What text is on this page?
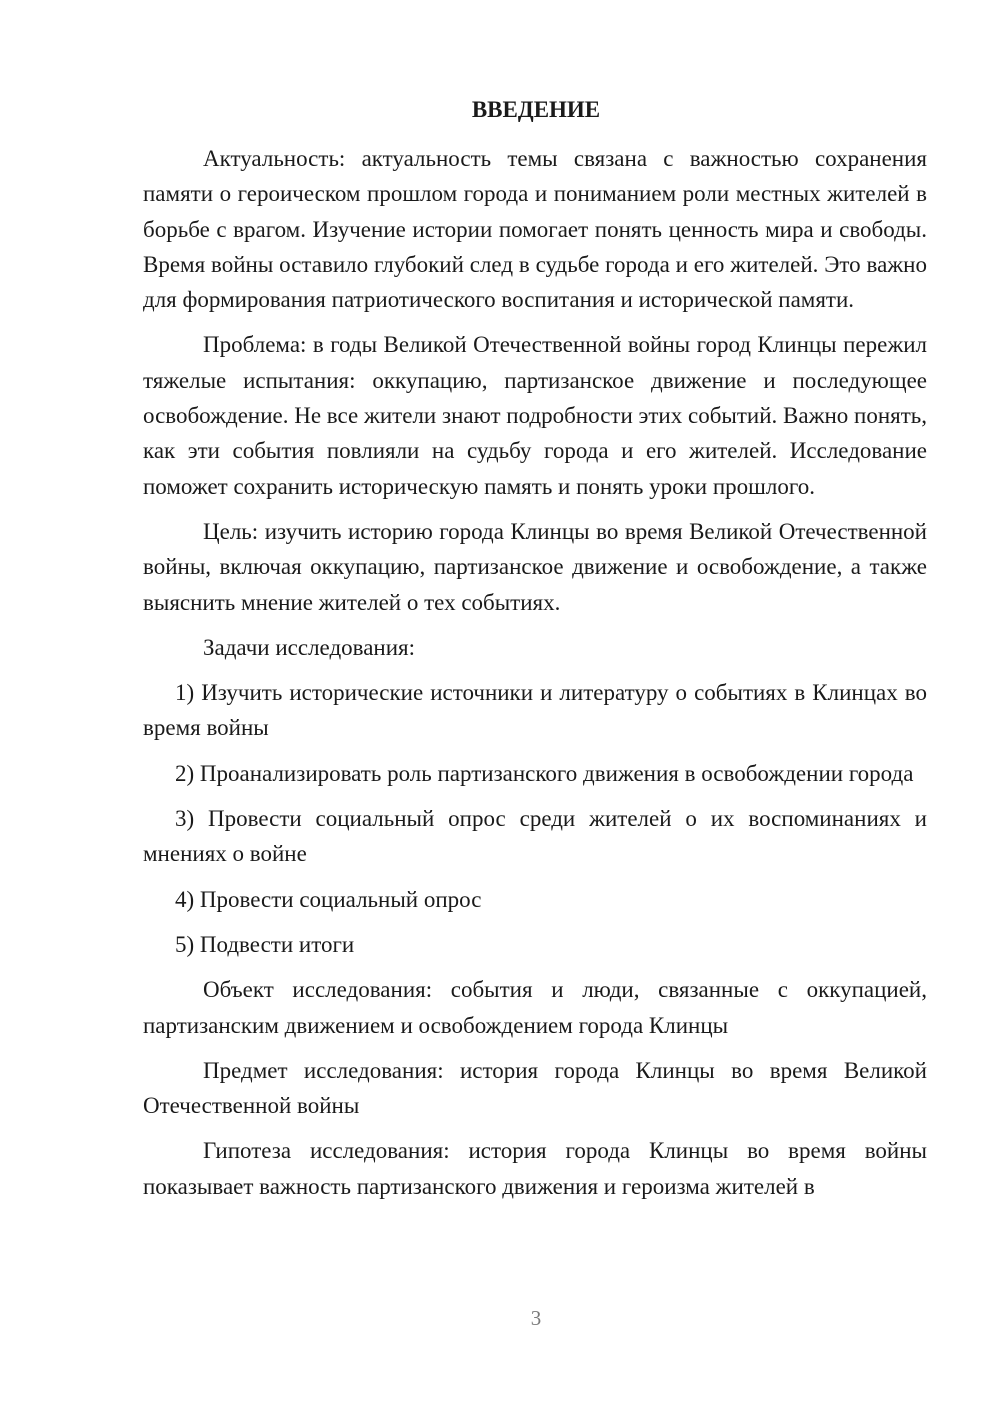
ВВЕДЕНИЕ

Актуальность: актуальность темы связана с важностью сохранения памяти о героическом прошлом города и пониманием роли местных жителей в борьбе с врагом. Изучение истории помогает понять ценность мира и свободы. Время войны оставило глубокий след в судьбе города и его жителей. Это важно для формирования патриотического воспитания и исторической памяти.

Проблема: в годы Великой Отечественной войны город Клинцы пережил тяжелые испытания: оккупацию, партизанское движение и последующее освобождение. Не все жители знают подробности этих событий. Важно понять, как эти события повлияли на судьбу города и его жителей. Исследование поможет сохранить историческую память и понять уроки прошлого.

Цель: изучить историю города Клинцы во время Великой Отечественной войны, включая оккупацию, партизанское движение и освобождение, а также выяснить мнение жителей о тех событиях.

Задачи исследования:

1) Изучить исторические источники и литературу о событиях в Клинцах во время войны

2) Проанализировать роль партизанского движения в освобождении города

3) Провести социальный опрос среди жителей о их воспоминаниях и мнениях о войне

4) Провести социальный опрос

5) Подвести итоги

Объект исследования: события и люди, связанные с оккупацией, партизанским движением и освобождением города Клинцы

Предмет исследования: история города Клинцы во время Великой Отечественной войны

Гипотеза исследования: история города Клинцы во время войны показывает важность партизанского движения и героизма жителей в

3
